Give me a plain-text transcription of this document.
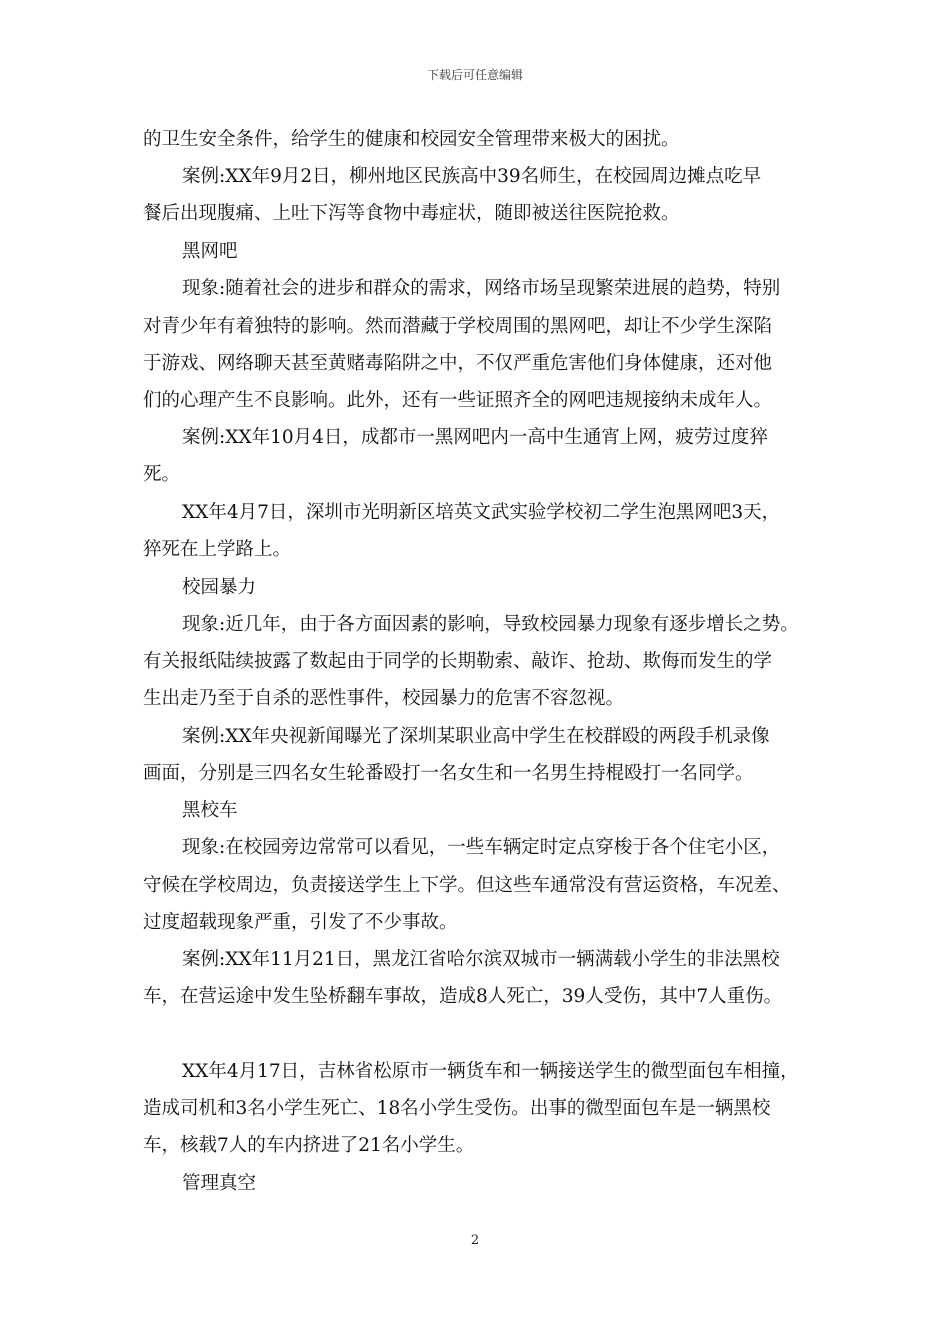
下载后可任意编辑
的卫生安全条件，给学生的健康和校园安全管理带来极大的困扰。
案例:XX年9月2日，柳州地区民族高中39名师生，在校园周边摊点吃早
餐后出现腹痛、上吐下泻等食物中毒症状，随即被送往医院抢救。
黑网吧
现象:随着社会的进步和群众的需求，网络市场呈现繁荣进展的趋势，特别
对青少年有着独特的影响。然而潜藏于学校周围的黑网吧，却让不少学生深陷
于游戏、网络聊天甚至黄赌毒陷阱之中，不仅严重危害他们身体健康，还对他
们的心理产生不良影响。此外，还有一些证照齐全的网吧违规接纳未成年人。
案例:XX年10月4日，成都市一黑网吧内一高中生通宵上网，疲劳过度猝
死。
XX年4月7日，深圳市光明新区培英文武实验学校初二学生泡黑网吧3天，
猝死在上学路上。
校园暴力
现象:近几年，由于各方面因素的影响，导致校园暴力现象有逐步增长之势。
有关报纸陆续披露了数起由于同学的长期勒索、敲诈、抢劫、欺侮而发生的学
生出走乃至于自杀的恶性事件，校园暴力的危害不容忽视。
案例:XX年央视新闻曝光了深圳某职业高中学生在校群殴的两段手机录像
画面，分别是三四名女生轮番殴打一名女生和一名男生持棍殴打一名同学。
黑校车
现象:在校园旁边常常可以看见，一些车辆定时定点穿梭于各个住宅小区，
守候在学校周边，负责接送学生上下学。但这些车通常没有营运资格，车况差、
过度超载现象严重，引发了不少事故。
案例:XX年11月21日，黑龙江省哈尔滨双城市一辆满载小学生的非法黑校
车，在营运途中发生坠桥翻车事故，造成8人死亡，39人受伤，其中7人重伤。
XX年4月17日，吉林省松原市一辆货车和一辆接送学生的微型面包车相撞，
造成司机和3名小学生死亡、18名小学生受伤。出事的微型面包车是一辆黑校
车，核载7人的车内挤进了21名小学生。
管理真空
2
